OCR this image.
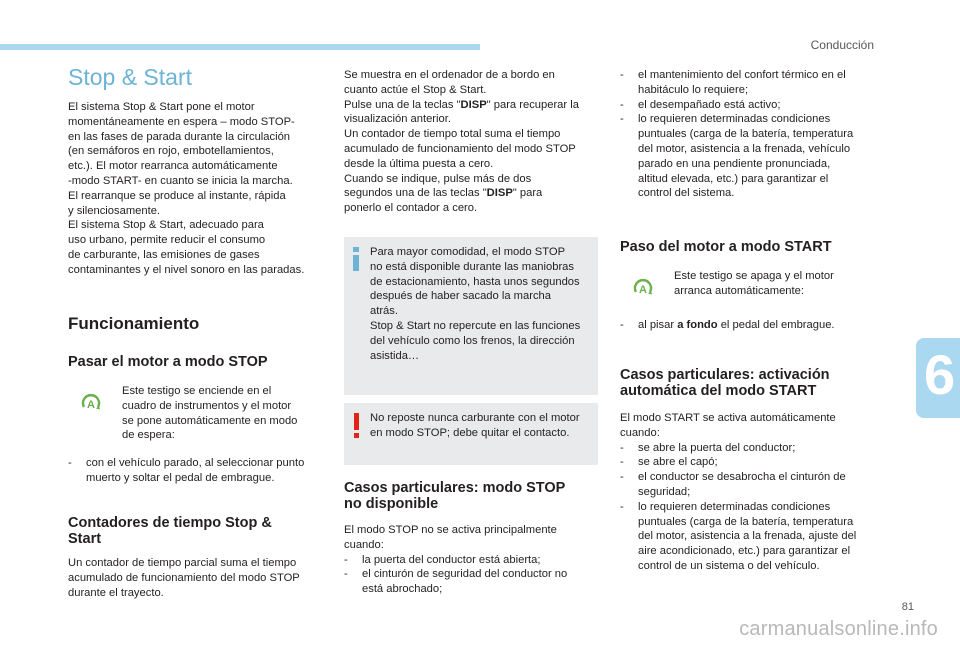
Conducción
6
81
carmanualsonline.info
Stop & Start

El sistema Stop & Start pone el motor

momentáneamente en espera – modo STOP-

en las fases de parada durante la circulación

(en semáforos en rojo, embotellamientos,

etc.). El motor rearranca automáticamente

-modo START- en cuanto se inicia la marcha.

El rearranque se produce al instante, rápida

y silenciosamente.

El sistema Stop & Start, adecuado para

uso urbano, permite reducir el consumo

de carburante, las emisiones de gases

contaminantes y el nivel sonoro en las paradas.

Funcionamiento
Pasar el motor a modo STOP
A

Este testigo se enciende en el

cuadro de instrumentos y el motor

se pone automáticamente en modo

de espera:

- con el vehículo parado, al seleccionar punto

muerto y soltar el pedal de embrague.

Contadores de tiempo Stop &
Start

Un contador de tiempo parcial suma el tiempo

acumulado de funcionamiento del modo STOP

durante el trayecto.

Se muestra en el ordenador de a bordo en

cuanto actúe el Stop & Start.

Pulse una de la teclas "DISP" para recuperar la

visualización anterior.

Un contador de tiempo total suma el tiempo

acumulado de funcionamiento del modo STOP

desde la última puesta a cero.

Cuando se indique, pulse más de dos

segundos una de las teclas "DISP" para

ponerlo el contador a cero.

Para mayor comodidad, el modo STOP

no está disponible durante las maniobras

de estacionamiento, hasta unos segundos

después de haber sacado la marcha

atrás.

Stop & Start no repercute en las funciones

del vehículo como los frenos, la dirección

asistida…

No reposte nunca carburante con el motor

en modo STOP; debe quitar el contacto.

Casos particulares: modo STOP
no disponible

El modo STOP no se activa principalmente

cuando:

- la puerta del conductor está abierta;

- el cinturón de seguridad del conductor no

está abrochado;

- el mantenimiento del confort térmico en el

habitáculo lo requiere;

- el desempañado está activo;

- lo requieren determinadas condiciones

puntuales (carga de la batería, temperatura

del motor, asistencia a la frenada, vehículo

parado en una pendiente pronunciada,

altitud elevada, etc.) para garantizar el

control del sistema.

Paso del motor a modo START
A

Este testigo se apaga y el motor

arranca automáticamente:

- al pisar a fondo el pedal del embrague.

Casos particulares: activación
automática del modo START

El modo START se activa automáticamente

cuando:

- se abre la puerta del conductor;

- se abre el capó;

- el conductor se desabrocha el cinturón de

seguridad;

- lo requieren determinadas condiciones

puntuales (carga de la batería, temperatura

del motor, asistencia a la frenada, ajuste del

aire acondicionado, etc.) para garantizar el

control de un sistema o del vehículo.
